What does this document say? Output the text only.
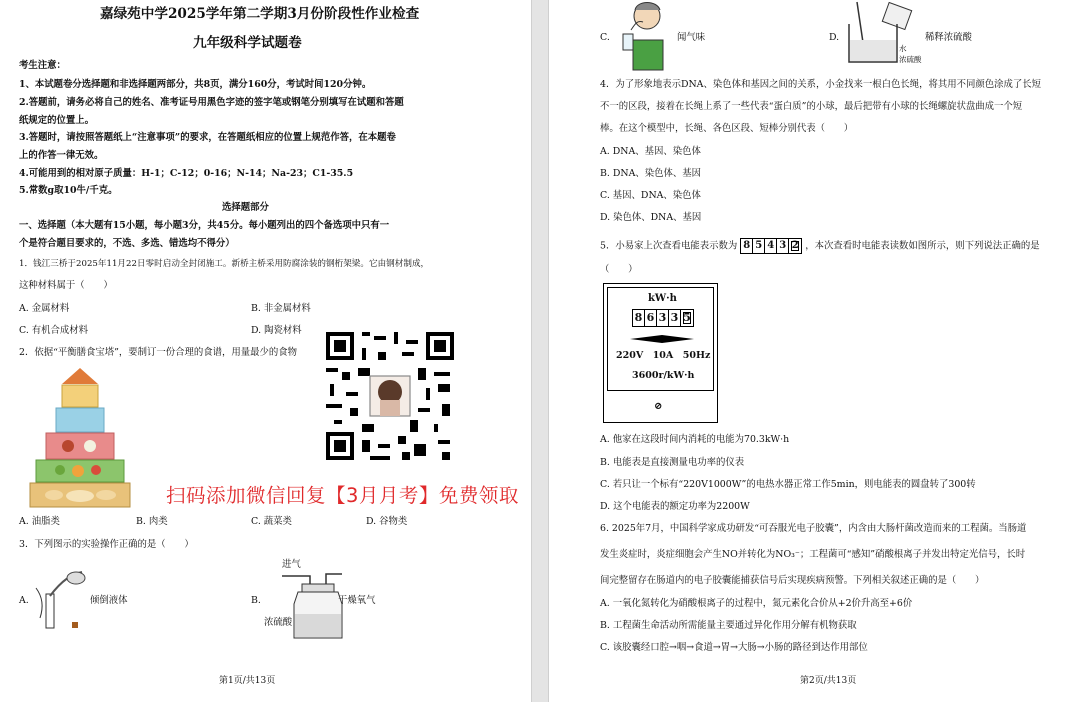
嘉绿苑中学2025学年第二学期3月份阶段性作业检查
九年级科学试题卷
考生注意：
1、本试题卷分选择题和非选择题两部分，共8页，满分160分，考试时间120分钟。
2.答题前，请务必将自己的姓名、准考证号用黑色字迹的签字笔或钢笔分别填写在试题和答题
纸规定的位置上。
3.答题时，请按照答题纸上“注意事项”的要求，在答题纸相应的位置上规范作答，在本题卷
上的作答一律无效。
4.可能用到的相对原子质量：H-1；C-12；0-16；N-14；Na-23；C1-35.5
5.常数g取10牛/千克。
选择题部分
一、选择题（本大题有15小题，每小题3分，共45分。每小题列出的四个备选项中只有一
个是符合题目要求的，不选、多选、错选均不得分）
1．钱江三桥于2025年11月22日零时启动全封闭施工。新桥主桥采用防腐涂装的钢桁架梁。它由钢材制成，
这种材料属于（　　）
A. 金属材料	B. 非金属材料
C. 有机合成材料	D. 陶瓷材料
2．依据“平衡膳食宝塔”，要制订一份合理的食谱，用量最少的食物
A. 油脂类	B. 肉类	C. 蔬菜类	D. 谷物类
3．下列图示的实验操作正确的是（　　）
A.	倾倒液体	B.
进气
干燥氧气
浓硫酸
扫码添加微信回复【3月月考】免费领取
第1页/共13页
C.	闻气味	D.	稀释浓硫酸
水
浓硫酸
4．为了形象地表示DNA、染色体和基因之间的关系，小金找来一根白色长绳，将其用不同颜色涂成了长短
不一的区段，接着在长绳上系了一些代表“蛋白质”的小球，最后把带有小球的长绳螺旋状盘曲成一个短
棒。在这个模型中，长绳、各色区段、短棒分别代表（　　）
A. DNA、基因、染色体
B. DNA、染色体、基因
C. 基因、DNA、染色体
D. 染色体、DNA、基因
5．小易家上次查看电能表示数为 8 5 4 3 2 ，本次查看时电能表读数如图所示，则下列说法正确的是
（　　）
A. 他家在这段时间内消耗的电能为70.3kW·h
B. 电能表是直接测量电功率的仪表
C. 若只让一个标有“220V1000W”的电热水器正常工作5min，则电能表的圆盘转了300转
D. 这个电能表的额定功率为2200W
6. 2025年7月，中国科学家成功研发“可吞服光电子胶囊”，内含由大肠杆菌改造而来的工程菌。当肠道
发生炎症时，炎症细胞会产生NO并转化为NO₃⁻；工程菌可“感知”硝酸根离子并发出特定光信号，长时
间完整留存在肠道内的电子胶囊能捕获信号后实现疾病预警。下列相关叙述正确的是（　　）
A. 一氧化氮转化为硝酸根离子的过程中，氮元素化合价从+2价升高至+6价
B. 工程菌生命活动所需能量主要通过异化作用分解有机物获取
C. 该胶囊经口腔→咽→食道→胃→大肠→小肠的路径到达作用部位
第2页/共13页
kW·h
8 6 3 3 5
220V　10A　50Hz
3600r/kW·h
⊘
